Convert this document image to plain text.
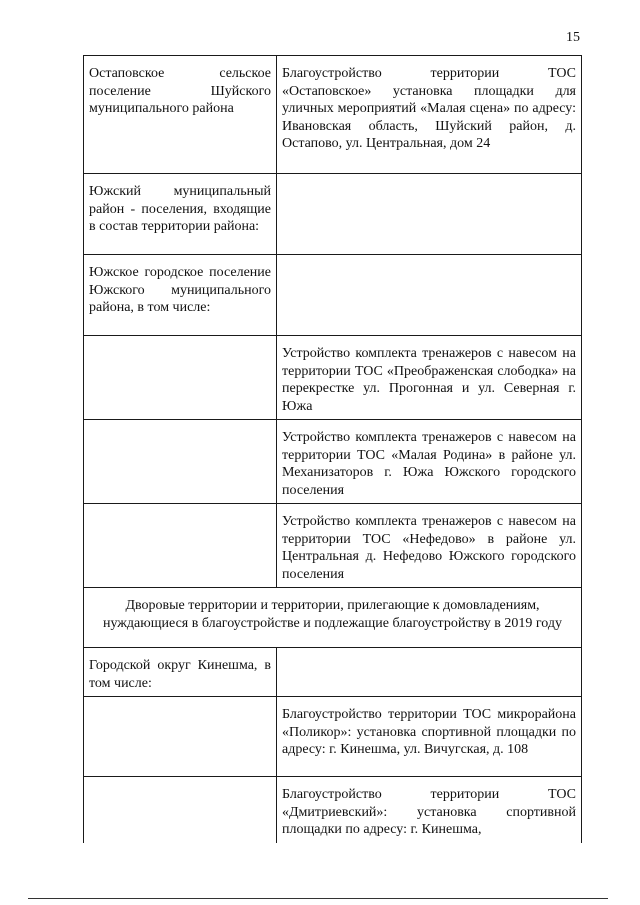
15
Остаповское сельское поселение Шуйского муниципального района	Благоустройство территории ТОС «Остаповское» установка площадки для уличных мероприятий «Малая сцена» по адресу: Ивановская область, Шуйский район, д. Остапово, ул. Центральная, дом 24
Южский муниципальный район - поселения, входящие в состав территории района:	
Южское городское поселение Южского муниципального района, в том числе:	
	Устройство комплекта тренажеров с навесом на территории ТОС «Преображенская слободка» на перекрестке ул. Прогонная и ул. Северная г. Южа
	Устройство комплекта тренажеров с навесом на территории ТОС «Малая Родина» в районе ул. Механизаторов г. Южа Южского городского поселения
	Устройство комплекта тренажеров с навесом на территории ТОС «Нефедово» в районе ул. Центральная д. Нефедово Южского городского поселения
Дворовые территории и территории, прилегающие к домовладениям, нуждающиеся в благоустройстве и подлежащие благоустройству в 2019 году	
Городской округ Кинешма, в том числе:	
	Благоустройство территории ТОС микрорайона «Поликор»: установка спортивной площадки по адресу: г. Кинешма, ул. Вичугская, д. 108
	Благоустройство территории ТОС «Дмитриевский»: установка спортивной площадки по адресу: г. Кинешма,
